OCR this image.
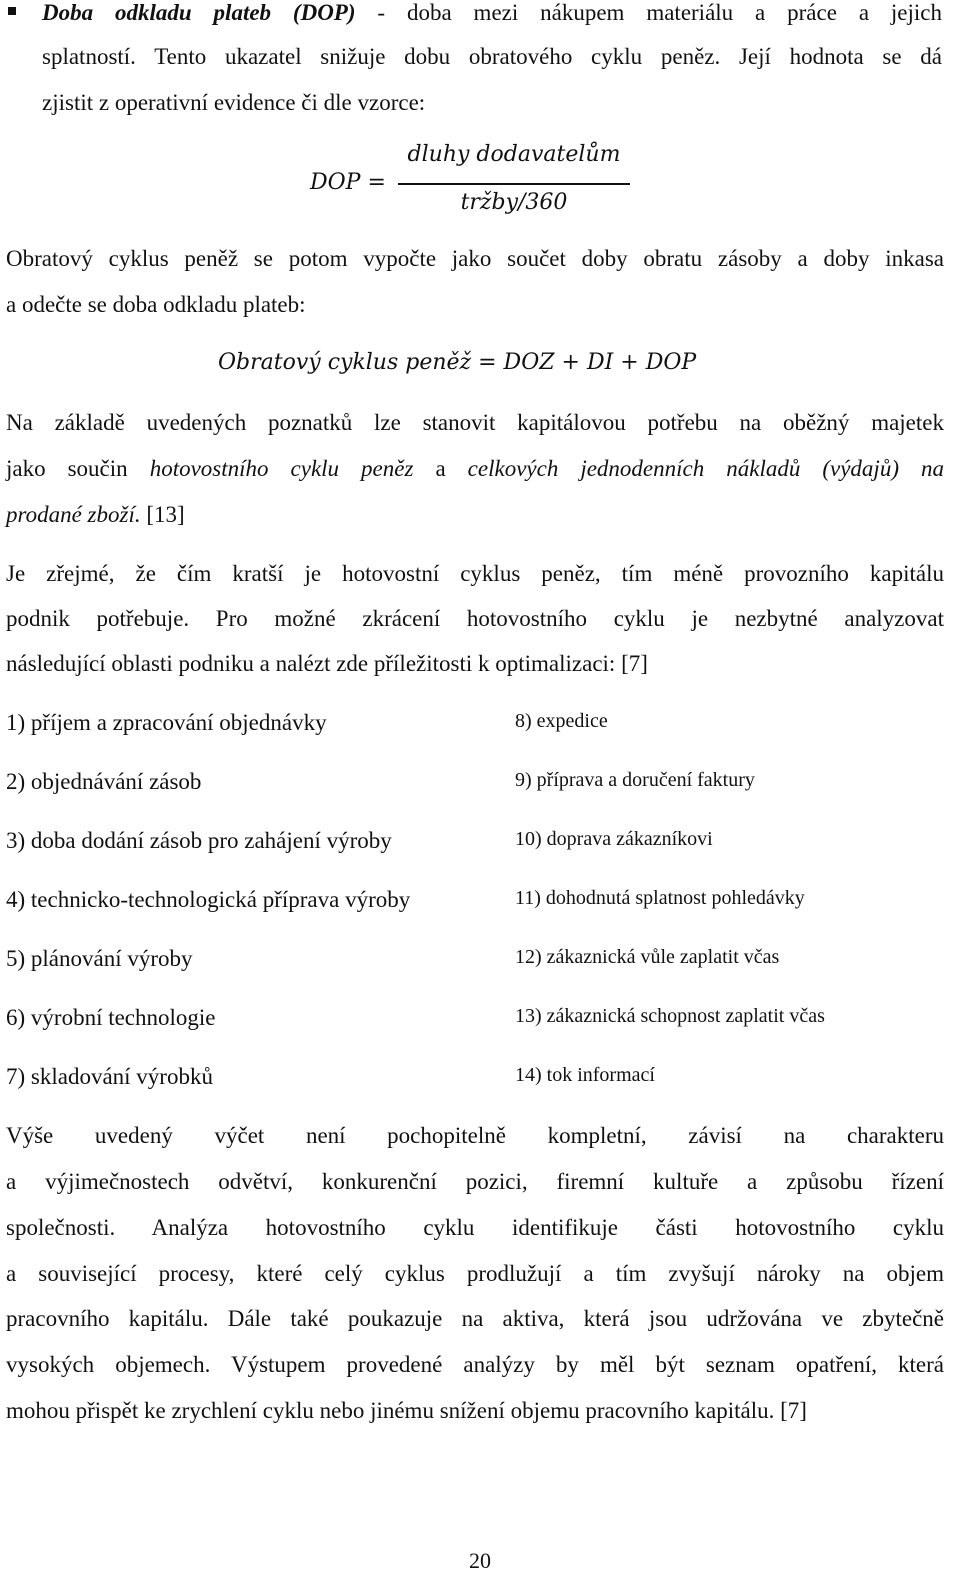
Doba odkladu plateb (DOP) - doba mezi nákupem materiálu a práce a jejich
splatností. Tento ukazatel snižuje dobu obratového cyklu peněz. Její hodnota se dá
zjistit z operativní evidence či dle vzorce:
DOP =
dluhy dodavatelům
tržby/360
Obratový cyklus peněž se potom vypočte jako součet doby obratu zásoby a doby inkasa
a odečte se doba odkladu plateb:
Obratový cyklus peněž = DOZ + DI + DOP
Na základě uvedených poznatků lze stanovit kapitálovou potřebu na oběžný majetek
jako součin hotovostního cyklu peněz a celkových jednodenních nákladů (výdajů) na
prodané zboží. [13]
Je zřejmé, že čím kratší je hotovostní cyklus peněz, tím méně provozního kapitálu
podnik potřebuje. Pro možné zkrácení hotovostního cyklu je nezbytné analyzovat
následující oblasti podniku a nalézt zde příležitosti k optimalizaci: [7]
1) příjem a zpracování objednávky
2) objednávání zásob
3) doba dodání zásob pro zahájení výroby
4) technicko-technologická příprava výroby
5) plánování výroby
6) výrobní technologie
7) skladování výrobků
8) expedice
9) příprava a doručení faktury
10) doprava zákazníkovi
11) dohodnutá splatnost pohledávky
12) zákaznická vůle zaplatit včas
13) zákaznická schopnost zaplatit včas
14) tok informací
Výše uvedený výčet není pochopitelně kompletní, závisí na charakteru
a výjimečnostech odvětví, konkurenční pozici, firemní kultuře a způsobu řízení
společnosti. Analýza hotovostního cyklu identifikuje části hotovostního cyklu
a související procesy, které celý cyklus prodlužují a tím zvyšují nároky na objem
pracovního kapitálu. Dále také poukazuje na aktiva, která jsou udržována ve zbytečně
vysokých objemech. Výstupem provedené analýzy by měl být seznam opatření, která
mohou přispět ke zrychlení cyklu nebo jinému snížení objemu pracovního kapitálu. [7]
20
